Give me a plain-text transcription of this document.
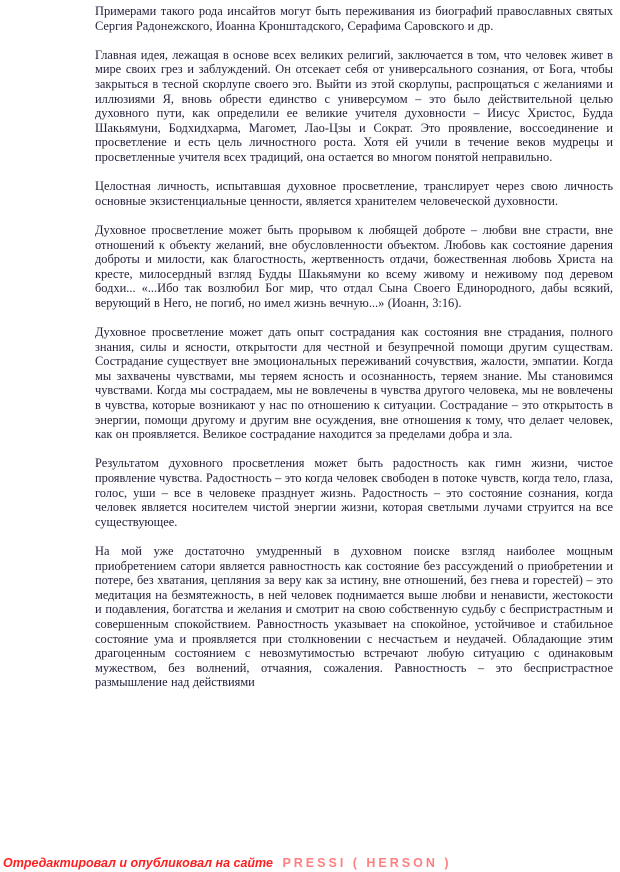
Примерами такого рода инсайтов могут быть переживания из биографий православных святых Сергия Радонежского, Иоанна Кронштадского, Серафима Саровского и др.

Главная идея, лежащая в основе всех великих религий, заключается в том, что человек живет в мире своих грез и заблуждений. Он отсекает себя от универсального сознания, от Бога, чтобы закрыться в тесной скорлупе своего эго. Выйти из этой скорлупы, распрощаться с желаниями и иллюзиями Я, вновь обрести единство с универсумом – это было действительной целью духовного пути, как определили ее великие учителя духовности – Иисус Христос, Будда Шакьямуни, Бодхидхарма, Магомет, Лао-Цзы и Сократ. Это проявление, воссоединение и просветление и есть цель личностного роста. Хотя ей учили в течение веков мудрецы и просветленные учителя всех традиций, она остается во многом понятой неправильно.

Целостная личность, испытавшая духовное просветление, транслирует через свою личность основные экзистенциальные ценности, является хранителем человеческой духовности.

Духовное просветление может быть прорывом к любящей доброте – любви вне страсти, вне отношений к объекту желаний, вне обусловленности объектом. Любовь как состояние дарения доброты и милости, как благостность, жертвенность отдачи, божественная любовь Христа на кресте, милосердный взгляд Будды Шакьямуни ко всему живому и неживому под деревом бодхи... «...Ибо так возлюбил Бог мир, что отдал Сына Своего Единородного, дабы всякий, верующий в Него, не погиб, но имел жизнь вечную...» (Иоанн, 3:16).

Духовное просветление может дать опыт сострадания как состояния вне страдания, полного знания, силы и ясности, открытости для честной и безупречной помощи другим существам. Сострадание существует вне эмоциональных переживаний сочувствия, жалости, эмпатии. Когда мы захвачены чувствами, мы теряем ясность и осознанность, теряем знание. Мы становимся чувствами. Когда мы сострадаем, мы не вовлечены в чувства другого человека, мы не вовлечены в чувства, которые возникают у нас по отношению к ситуации. Сострадание – это открытость в энергии, помощи другому и другим вне осуждения, вне отношения к тому, что делает человек, как он проявляется. Великое сострадание находится за пределами добра и зла.

Результатом духовного просветления может быть радостность как гимн жизни, чистое проявление чувства. Радостность – это когда человек свободен в потоке чувств, когда тело, глаза, голос, уши – все в человеке празднует жизнь. Радостность – это состояние сознания, когда человек является носителем чистой энергии жизни, которая светлыми лучами струится на все существующее.

На мой уже достаточно умудренный в духовном поиске взгляд наиболее мощным приобретением сатори является равностность как состояние без рассуждений о приобретении и потере, без хватания, цепляния за веру как за истину, вне отношений, без гнева и горестей) – это медитация на безмятежность, в ней человек поднимается выше любви и ненависти, жестокости и подавления, богатства и желания и смотрит на свою собственную судьбу с беспристрастным и совершенным спокойствием. Равностность указывает на спокойное, устойчивое и стабильное состояние ума и проявляется при столкновении с несчастьем и неудачей. Обладающие этим драгоценным состоянием с невозмутимостью встречают любую ситуацию с одинаковым мужеством, без волнений, отчаяния, сожаления. Равностность – это беспристрастное размышление над действиями

Отредактировал и опубликовал на сайте PRESSI ( HERSON )
